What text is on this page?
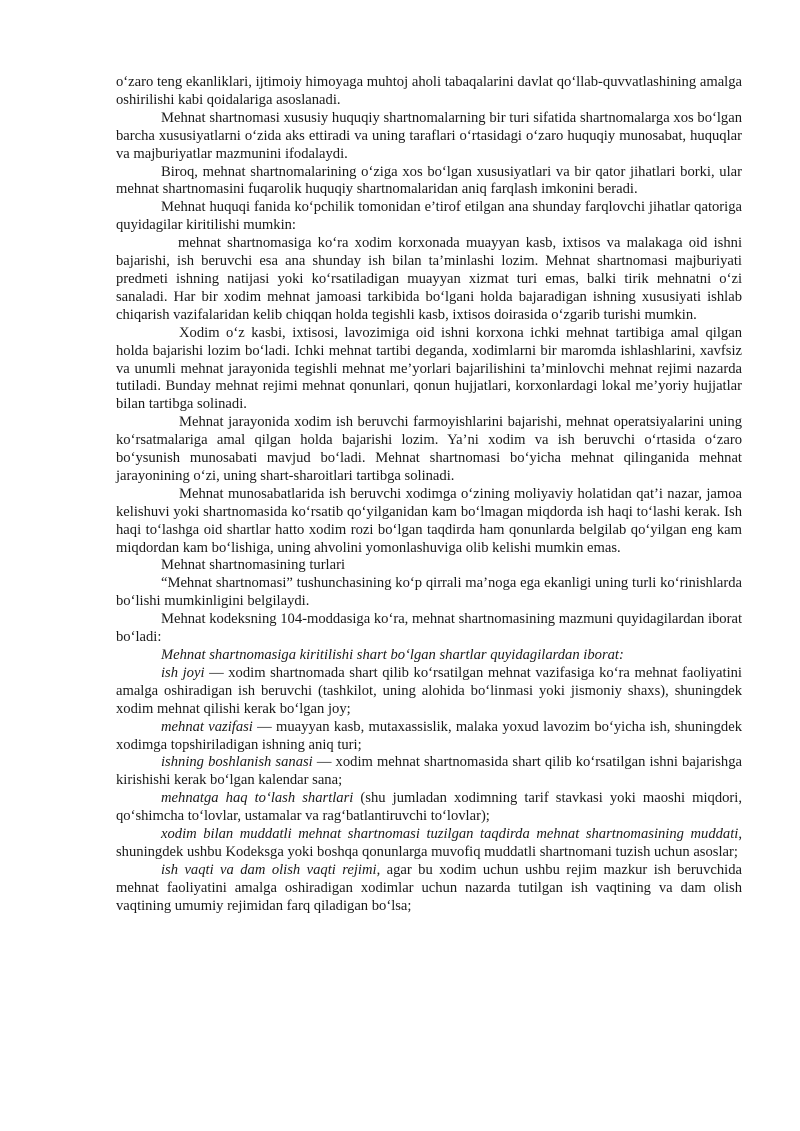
o‘zaro teng ekanliklari, ijtimoiy himoyaga muhtoj aholi tabaqalarini davlat qo‘llab-quvvatlashining amalga oshirilishi kabi qoidalariga asoslanadi.

Mehnat shartnomasi xususiy huquqiy shartnomalarning bir turi sifatida shartnomalarga xos bo‘lgan barcha xususiyatlarni o‘zida aks ettiradi va uning taraflari o‘rtasidagi o‘zaro huquqiy munosabat, huquqlar va majburiyatlar mazmunini ifodalaydi.

Biroq, mehnat shartnomalarining o‘ziga xos bo‘lgan xususiyatlari va bir qator jihatlari borki, ular mehnat shartnomasini fuqarolik huquqiy shartnomalaridan aniq farqlash imkonini beradi.

Mehnat huquqi fanida ko‘pchilik tomonidan e’tirof etilgan ana shunday farqlovchi jihatlar qatoriga quyidagilar kiritilishi mumkin:

mehnat shartnomasiga ko‘ra xodim korxonada muayyan kasb, ixtisos va malakaga oid ishni bajarishi, ish beruvchi esa ana shunday ish bilan ta’minlashi lozim. Mehnat shartnomasi majburiyati predmeti ishning natijasi yoki ko‘rsatiladigan muayyan xizmat turi emas, balki tirik mehnatni o‘zi sanaladi. Har bir xodim mehnat jamoasi tarkibida bo‘lgani holda bajaradigan ishning xususiyati ishlab chiqarish vazifalaridan kelib chiqqan holda tegishli kasb, ixtisos doirasida o‘zgarib turishi mumkin.

Xodim o‘z kasbi, ixtisosi, lavozimiga oid ishni korxona ichki mehnat tartibiga amal qilgan holda bajarishi lozim bo‘ladi. Ichki mehnat tartibi deganda, xodimlarni bir maromda ishlashlarini, xavfsiz va unumli mehnat jarayonida tegishli mehnat me’yorlari bajarilishini ta’minlovchi mehnat rejimi nazarda tutiladi. Bunday mehnat rejimi mehnat qonunlari, qonun hujjatlari, korxonlardagi lokal me’yoriy hujjatlar bilan tartibga solinadi.

Mehnat jarayonida xodim ish beruvchi farmoyishlarini bajarishi, mehnat operatsiyalarini uning ko‘rsatmalariga amal qilgan holda bajarishi lozim. Ya’ni xodim va ish beruvchi o‘rtasida o‘zaro bo‘ysunish munosabati mavjud bo‘ladi. Mehnat shartnomasi bo‘yicha mehnat qilinganida mehnat jarayonining o‘zi, uning shart-sharoitlari tartibga solinadi.

Mehnat munosabatlarida ish beruvchi xodimga o‘zining moliyaviy holatidan qat’i nazar, jamoa kelishuvi yoki shartnomasida ko‘rsatib qo‘yilganidan kam bo‘lmagan miqdorda ish haqi to‘lashi kerak. Ish haqi to‘lashga oid shartlar hatto xodim rozi bo‘lgan taqdirda ham qonunlarda belgilab qo‘yilgan eng kam miqdordan kam bo‘lishiga, uning ahvolini yomonlashuviga olib kelishi mumkin emas.

Mehnat shartnomasining turlari

“Mehnat shartnomasi” tushunchasining ko‘p qirrali ma’noga ega ekanligi uning turli ko‘rinishlarda bo‘lishi mumkinligini belgilaydi.

Mehnat kodeksning 104-moddasiga ko‘ra, mehnat shartnomasining mazmuni quyidagilardan iborat bo‘ladi:

Mehnat shartnomasiga kiritilishi shart bo‘lgan shartlar quyidagilardan iborat:

ish joyi — xodim shartnomada shart qilib ko‘rsatilgan mehnat vazifasiga ko‘ra mehnat faoliyatini amalga oshiradigan ish beruvchi (tashkilot, uning alohida bo‘linmasi yoki jismoniy shaxs), shuningdek xodim mehnat qilishi kerak bo‘lgan joy;

mehnat vazifasi — muayyan kasb, mutaxassislik, malaka yoxud lavozim bo‘yicha ish, shuningdek xodimga topshiriladigan ishning aniq turi;

ishning boshlanish sanasi — xodim mehnat shartnomasida shart qilib ko‘rsatilgan ishni bajarishga kirishishi kerak bo‘lgan kalendar sana;

mehnatga haq to‘lash shartlari (shu jumladan xodimning tarif stavkasi yoki maoshi miqdori, qo‘shimcha to‘lovlar, ustamalar va rag‘batlantiruvchi to‘lovlar);

xodim bilan muddatli mehnat shartnomasi tuzilgan taqdirda mehnat shartnomasining muddati, shuningdek ushbu Kodeksga yoki boshqa qonunlarga muvofiq muddatli shartnomani tuzish uchun asoslar;

ish vaqti va dam olish vaqti rejimi, agar bu xodim uchun ushbu rejim mazkur ish beruvchida mehnat faoliyatini amalga oshiradigan xodimlar uchun nazarda tutilgan ish vaqtining va dam olish vaqtining umumiy rejimidan farq qiladigan bo‘lsa;
